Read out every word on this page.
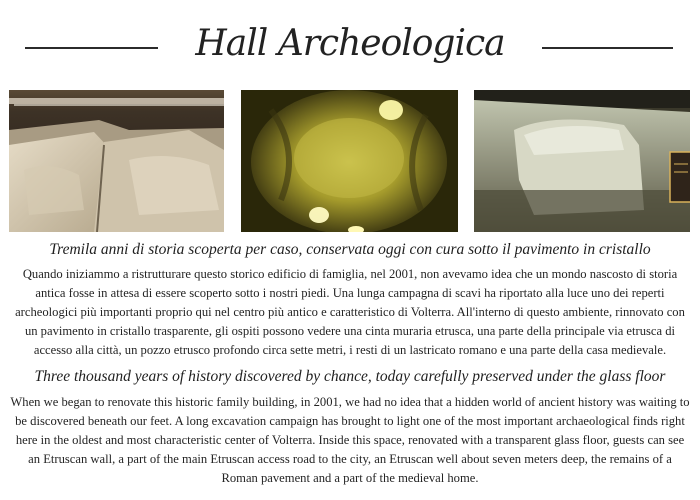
Hall Archeologica
Tremila anni di storia scoperta per caso, conservata oggi con cura sotto il pavimento in cristallo
Quando iniziammo a ristrutturare questo storico edificio di famiglia, nel 2001, non avevamo idea che un mondo nascosto di storia antica fosse in attesa di essere scoperto sotto i nostri piedi. Una lunga campagna di scavi ha riportato alla luce uno dei reperti archeologici più importanti proprio qui nel centro più antico e caratteristico di Volterra. All'interno di questo ambiente, rinnovato con un pavimento in cristallo trasparente, gli ospiti possono vedere una cinta muraria etrusca, una parte della principale via etrusca di accesso alla città, un pozzo etrusco profondo circa sette metri, i resti di un lastricato romano e una parte della casa medievale.
Three thousand years of history discovered by chance, today carefully preserved under the glass floor
When we began to renovate this historic family building, in 2001, we had no idea that a hidden world of ancient history was waiting to be discovered beneath our feet. A long excavation campaign has brought to light one of the most important archaeological finds right here in the oldest and most characteristic center of Volterra. Inside this space, renovated with a transparent glass floor, guests can see an Etruscan wall, a part of the main Etruscan access road to the city, an Etruscan well about seven meters deep, the remains of a Roman pavement and a part of the medieval home.
